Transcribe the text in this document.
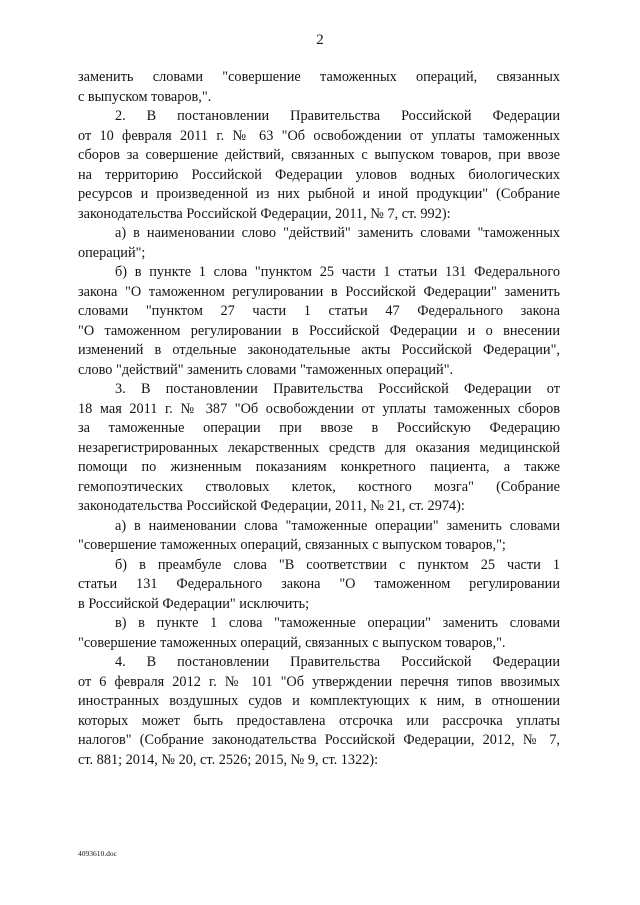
2
заменить словами "совершение таможенных операций, связанных
с выпуском товаров,".
2. В постановлении Правительства Российской Федерации
от 10 февраля 2011 г. № 63 "Об освобождении от уплаты таможенных
сборов за совершение действий, связанных с выпуском товаров, при ввозе
на территорию Российской Федерации уловов водных биологических
ресурсов и произведенной из них рыбной и иной продукции" (Собрание
законодательства Российской Федерации, 2011, № 7, ст. 992):
а) в наименовании слово "действий" заменить словами "таможенных
операций";
б) в пункте 1 слова "пунктом 25 части 1 статьи 131 Федерального
закона "О таможенном регулировании в Российской Федерации" заменить
словами "пунктом 27 части 1 статьи 47 Федерального закона
"О таможенном регулировании в Российской Федерации и о внесении
изменений в отдельные законодательные акты Российской Федерации",
слово "действий" заменить словами "таможенных операций".
3. В постановлении Правительства Российской Федерации от
18 мая 2011 г. № 387 "Об освобождении от уплаты таможенных сборов
за таможенные операции при ввозе в Российскую Федерацию
незарегистрированных лекарственных средств для оказания медицинской
помощи по жизненным показаниям конкретного пациента, а также
гемопоэтических стволовых клеток, костного мозга" (Собрание
законодательства Российской Федерации, 2011, № 21, ст. 2974):
а) в наименовании слова "таможенные операции" заменить словами
"совершение таможенных операций, связанных с выпуском товаров,";
б) в преамбуле слова "В соответствии с пунктом 25 части 1
статьи 131 Федерального закона "О таможенном регулировании
в Российской Федерации" исключить;
в) в пункте 1 слова "таможенные операции" заменить словами
"совершение таможенных операций, связанных с выпуском товаров,".
4. В постановлении Правительства Российской Федерации
от 6 февраля 2012 г. № 101 "Об утверждении перечня типов ввозимых
иностранных воздушных судов и комплектующих к ним, в отношении
которых может быть предоставлена отсрочка или рассрочка уплаты
налогов" (Собрание законодательства Российской Федерации, 2012, № 7,
ст. 881; 2014, № 20, ст. 2526; 2015, № 9, ст. 1322):
4093610.doc
